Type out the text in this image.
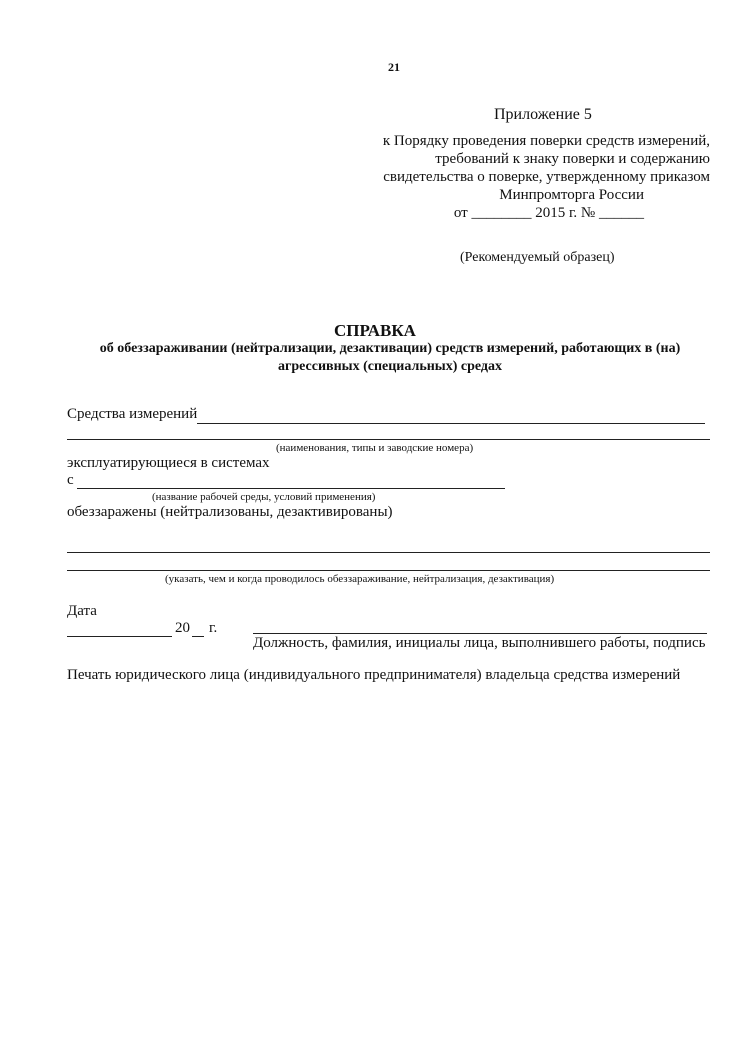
21
Приложение 5
к Порядку проведения поверки средств измерений,
требований к знаку поверки и содержанию
свидетельства о поверке, утвержденному приказом
Минпромторга России
от ________ 2015 г. № ______
(Рекомендуемый образец)
СПРАВКА
об обеззараживании (нейтрализации, дезактивации) средств измерений, работающих в (на)
агрессивных (специальных) средах
Средства измерений
(наименования, типы и заводские номера)
эксплуатирующиеся в системах
с
(название рабочей среды, условий применения)
обеззаражены (нейтрализованы, дезактивированы)
(указать, чем и когда проводилось обеззараживание, нейтрализация, дезактивация)
Дата
20 г.
Должность, фамилия, инициалы лица, выполнившего работы, подпись
Печать юридического лица (индивидуального предпринимателя) владельца средства измерений
